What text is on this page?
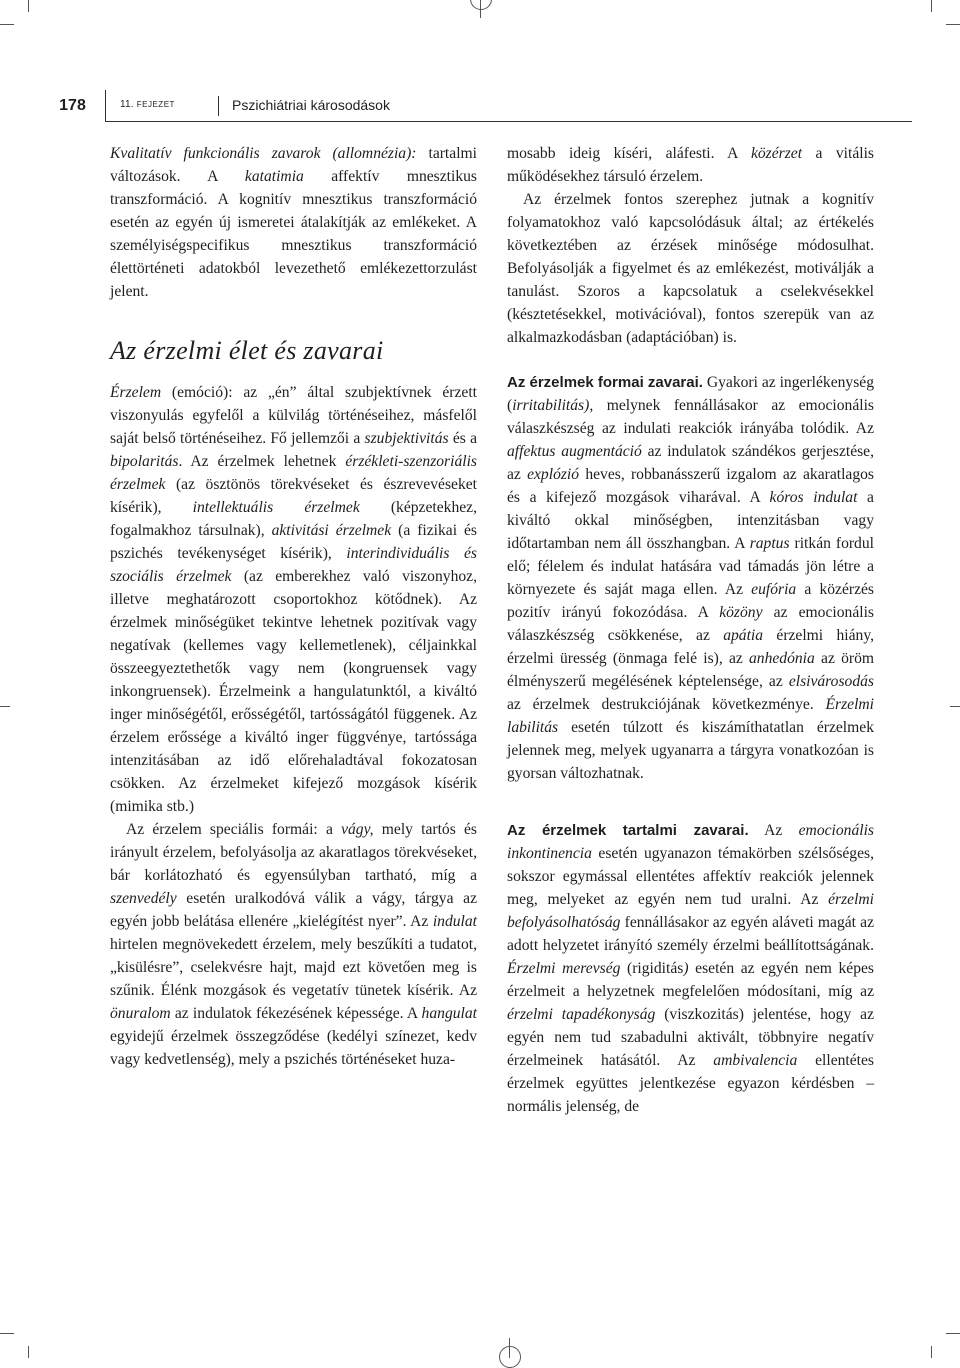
178	11. FEJEZET	Pszichiátriai károsodások

Kvalitatív funkcionális zavarok (allomnézia): tartalmi változások. A katatimia affektív mnesztikus transzformáció. A kognitív mnesztikus transzformáció esetén az egyén új ismeretei átalakítják az emlékeket. A személyiségspecifikus mnesztikus transzformáció élettörténeti adatokból levezethető emlékezettorzulást jelent.

Az érzelmi élet és zavarai

Érzelem (emóció): az „én” által szubjektívnek érzett viszonyulás egyfelől a külvilág történéseihez, másfelől saját belső történéseihez. Fő jellemzői a szubjektivitás és a bipolaritás. Az érzelmek lehetnek érzékleti-szenzoriális érzelmek (az ösztönös törekvéseket és észrevevéseket kísérik), intellektuális érzelmek (képzetekhez, fogalmakhoz társulnak), aktivitási érzelmek (a fizikai és pszichés tevékenységet kísérik), interindividuális és szociális érzelmek (az emberekhez való viszonyhoz, illetve meghatározott csoportokhoz kötődnek). Az érzelmek minőségüket tekintve lehetnek pozitívak vagy negatívak (kellemes vagy kellemetlenek), céljainkkal összeegyeztethetők vagy nem (kongruensek vagy inkongruensek). Érzelmeink a hangulatunktól, a kiváltó inger minőségétől, erősségétől, tartósságától függenek. Az érzelem erőssége a kiváltó inger függvénye, tartóssága intenzitásában az idő előrehaladtával fokozatosan csökken. Az érzelmeket kifejező mozgások kísérik (mimika stb.)

Az érzelem speciális formái: a vágy, mely tartós és irányult érzelem, befolyásolja az akaratlagos törekvéseket, bár korlátozható és egyensúlyban tartható, míg a szenvedély esetén uralkodóvá válik a vágy, tárgya az egyén jobb belátása ellenére „kielégítést nyer”. Az indulat hirtelen megnövekedett érzelem, mely beszűkíti a tudatot, „kisülésre”, cselekvésre hajt, majd ezt követően meg is szűnik. Élénk mozgások és vegetatív tünetek kísérik. Az önuralom az indulatok fékezésének képessége. A hangulat egyidejű érzelmek összegződése (kedélyi színezet, kedv vagy kedvetlenség), mely a pszichés történéseket huza-

mosabb ideig kíséri, aláfesti. A közérzet a vitális működésekhez társuló érzelem.

Az érzelmek fontos szerephez jutnak a kognitív folyamatokhoz való kapcsolódásuk által; az értékelés következtében az érzések minősége módosulhat. Befolyásolják a figyelmet és az emlékezést, motiválják a tanulást. Szoros a kapcsolatuk a cselekvésekkel (késztetésekkel, motivációval), fontos szerepük van az alkalmazkodásban (adaptációban) is.

Az érzelmek formai zavarai. Gyakori az ingerlékenység (irritabilitás), melynek fennállásakor az emocionális válaszkészség az indulati reakciók irányába tolódik. Az affektus augmentáció az indulatok szándékos gerjesztése, az explózió heves, robbanásszerű izgalom az akaratlagos és a kifejező mozgások viharával. A kóros indulat a kiváltó okkal minőségben, intenzitásban vagy időtartamban nem áll összhangban. A raptus ritkán fordul elő; félelem és indulat hatására vad támadás jön létre a környezete és saját maga ellen. Az eufória a közérzés pozitív irányú fokozódása. A közöny az emocionális válaszkészség csökkenése, az apátia érzelmi hiány, érzelmi üresség (önmaga felé is), az anhedónia az öröm élményszerű megélésének képtelensége, az elsivárosodás az érzelmek destrukciójának következménye. Érzelmi labilitás esetén túlzott és kiszámíthatatlan érzelmek jelennek meg, melyek ugyanarra a tárgyra vonatkozóan is gyorsan változhatnak.

Az érzelmek tartalmi zavarai. Az emocionális inkontinencia esetén ugyanazon témakörben szélsőséges, sokszor egymással ellentétes affektív reakciók jelennek meg, melyeket az egyén nem tud uralni. Az érzelmi befolyásolhatóság fennállásakor az egyén aláveti magát az adott helyzetet irányító személy érzelmi beállítottságának. Érzelmi merevség (rigiditás) esetén az egyén nem képes érzelmeit a helyzetnek megfelelően módosítani, míg az érzelmi tapadékonyság (viszkozitás) jelentése, hogy az egyén nem tud szabadulni aktivált, többnyire negatív érzelmeinek hatásától. Az ambivalencia ellentétes érzelmek együttes jelentkezése egyazon kérdésben – normális jelenség, de
